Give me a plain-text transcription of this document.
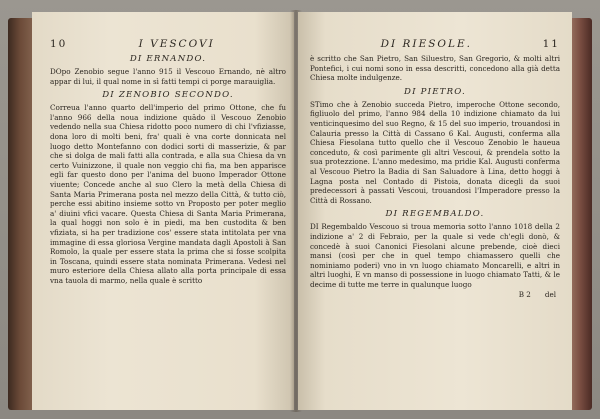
10	I VESCOVI
DI ERNANDO.

DOpo Zenobio segue l'anno 915 il Vescouo Ernando, nè altro appar di lui, il qual nome in sì fatti tempi ci porge marauiglia.

DI ZENOBIO SECONDO.

Correua l'anno quarto dell'imperio del primo Ottone, che fu l'anno 966 della noua indizione quādo il Vescouo Zenobio vedendo nella sua Chiesa ridotto poco numero di chi l'vfiziasse, dona loro di molti beni, fra' quali è vna corte donnicata nel luogo detto Montefanno con dodici sorti di masserizie, & par che si dolga de mali fatti alla contrada, e alla sua Chiesa da vn certo Vuinizzone, il quale non veggio chi fia, ma ben apparisce egli far questo dono per l'anima del buono Imperador Ottone viuente; Concede anche al suo Clero la metà della Chiesa di Santa Maria Primerana posta nel mezzo della Città, & tutto ciò, perche essi abitino insieme sotto vn Proposto per poter meglio a' diuini vfici vacare. Questa Chiesa di Santa Maria Primerana, la qual hoggi non solo è in piedi, ma ben custodita & ben vfiziata, si ha per tradizione cos' essere stata intitolata per vna immagine di essa gloriosa Vergine mandata dagli Apostoli à San Romolo, la quale per essere stata la prima che si fosse scolpita in Toscana, quindi essere stata nominata Primerana. Vedesi nel muro esteriore della Chiesa allato alla porta principale di essa vna tauola di marmo, nella quale è scritto

DI RIESOLE.	11

è scritto che San Pietro, San Siluestro, San Gregorio, & molti altri Pontefici, i cui nomi sono in essa descritti, concedono alla già detta Chiesa molte indulgenze.

DI PIETRO.

STimo che à Zenobio succeda Pietro, imperoche Ottone secondo, figliuolo del primo, l'anno 984 della 10 indizione chiamato da lui venticinquesimo del suo Regno, & 15 del suo imperio, trouandosi in Calauria presso la Città di Cassano 6 Kal. Augusti, conferma alla Chiesa Fiesolana tutto quello che il Vescouo Zenobio le haueua conceduto, & così parimente gli altri Vescoui, & prendela sotto la sua protezzione. L'anno medesimo, ma pridie Kal. Augusti conferma al Vescouo Pietro la Badia di San Saluadore à Lina, detto hoggi à Lagna posta nel Contado di Pistoia, donata dicegli da suoi predecessori à passati Vescoui, trouandosi l'Imperadore presso la Città di Rossano.

DI REGEMBALDO.

DI Regembaldo Vescouo si troua memoria sotto l'anno 1018 della 2 indizione a' 2 di Febraio, per la quale si vede ch'egli donò, & concedè à suoi Canonici Fiesolani alcune prebende, cioè dieci mansi (così per che in quel tempo chiamassero quelli che nominiamo poderi) vno in vn luogo chiamato Moncarelli, e altri in altri luoghi, E vn manso di possessione in luogo chiamato Tatti, & le decime di tutte me terre in qualunque luogo

B 2 del
